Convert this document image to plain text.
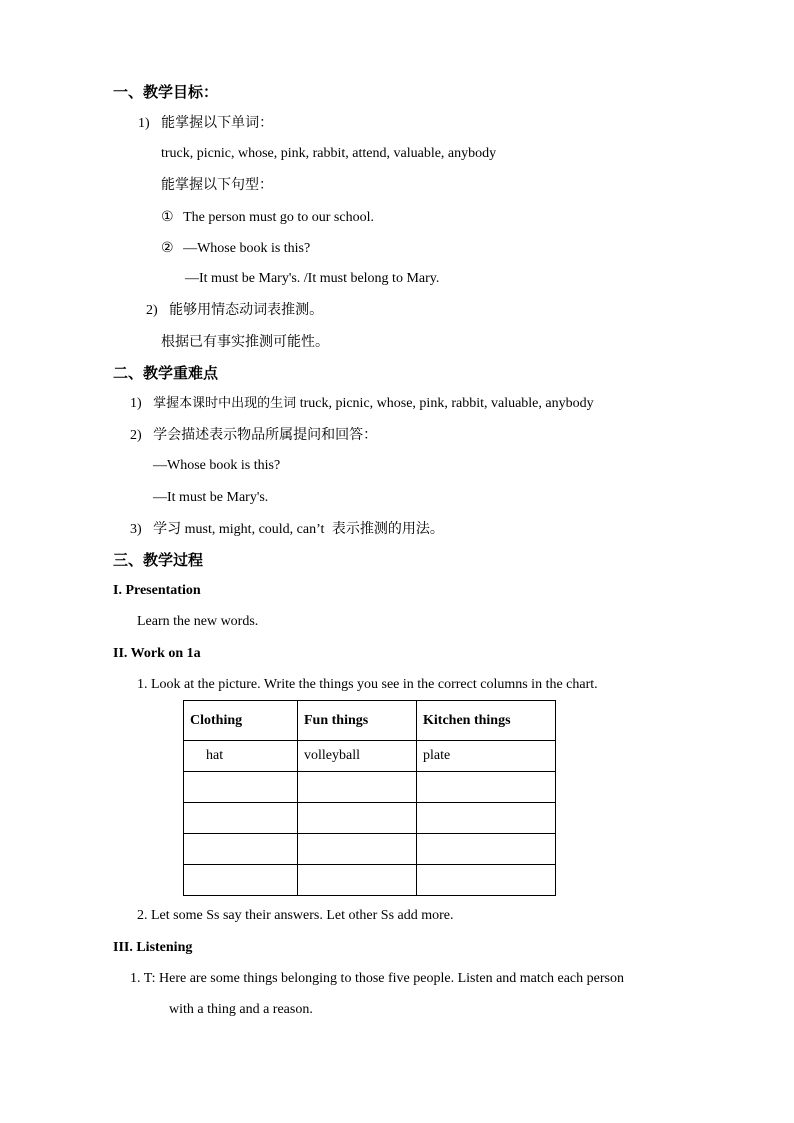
一、教学目标：
1) 能掌握以下单词：
truck, picnic, whose, pink, rabbit, attend, valuable, anybody
能掌握以下句型：
① The person must go to our school.
② —Whose book is this?
—It must be Mary's. /It must belong to Mary.
2) 能够用情态动词表推测。
根据已有事实推测可能性。
二、教学重难点
1) 掌握本课时中出现的生词 truck, picnic, whose, pink, rabbit, valuable, anybody
2) 学会描述表示物品所属提问和回答：
—Whose book is this?
—It must be Mary's.
3) 学习 must, might, could, can’t 表示推测的用法。
三、教学过程
I. Presentation
Learn the new words.
II. Work on 1a
1. Look at the picture. Write the things you see in the correct columns in the chart.
Clothing	Fun things	Kitchen things
hat	volleyball	plate

2. Let some Ss say their answers. Let other Ss add more.
III. Listening
1. T: Here are some things belonging to those five people. Listen and match each person
with a thing and a reason.
